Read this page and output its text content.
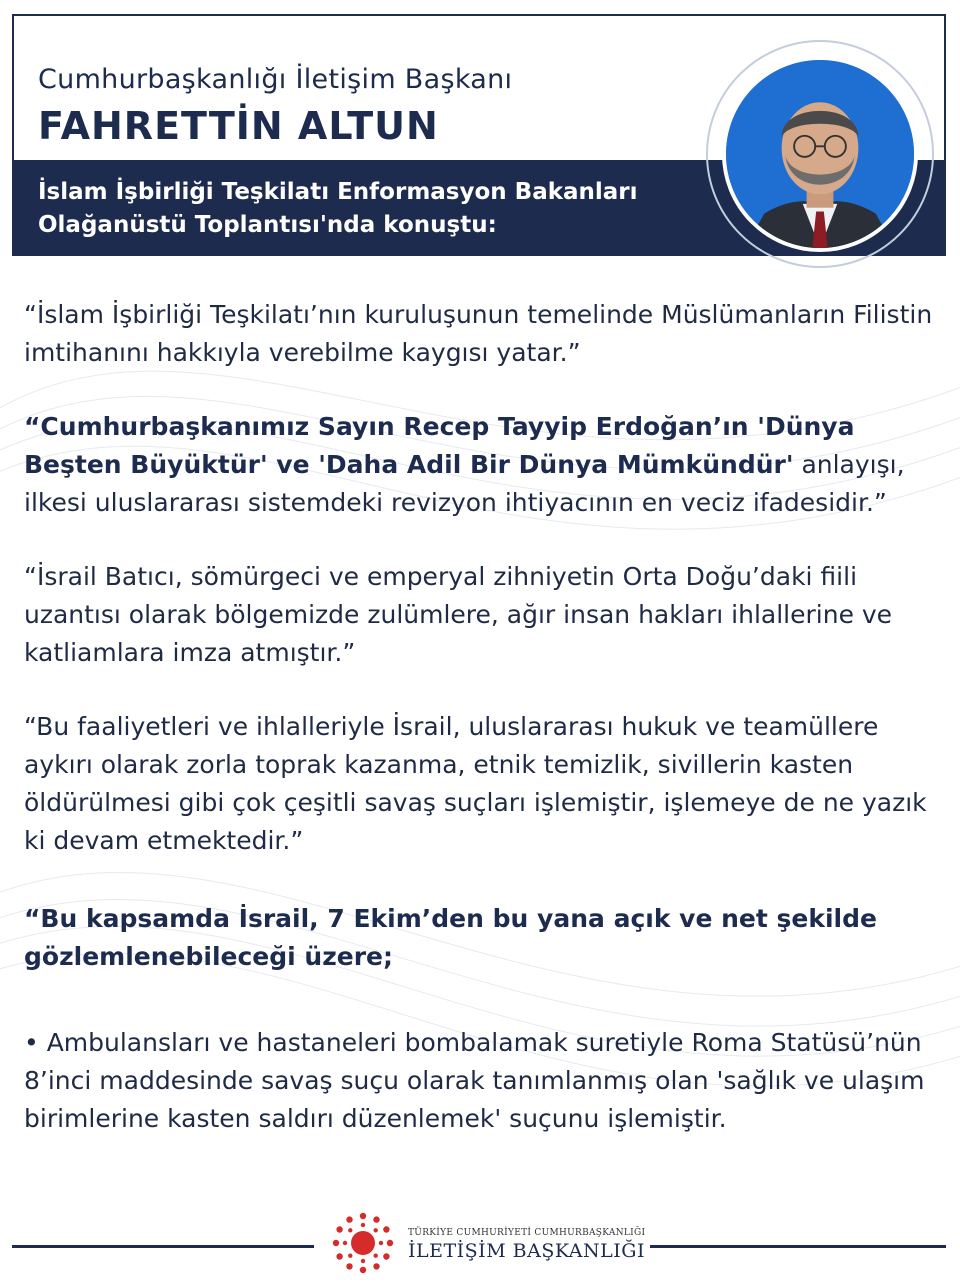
Cumhurbaşkanlığı İletişim Başkanı
FAHRETTİN ALTUN
İslam İşbirliği Teşkilatı Enformasyon Bakanları
Olağanüstü Toplantısı'nda konuştu:

“İslam İşbirliği Teşkilatı’nın kuruluşunun temelinde Müslümanların Filistin imtihanını hakkıyla verebilme kaygısı yatar.”

“Cumhurbaşkanımız Sayın Recep Tayyip Erdoğan’ın 'Dünya Beşten Büyüktür' ve 'Daha Adil Bir Dünya Mümkündür' anlayışı, ilkesi uluslararası sistemdeki revizyon ihtiyacının en veciz ifadesidir.”

“İsrail Batıcı, sömürgeci ve emperyal zihniyetin Orta Doğu’daki fiili uzantısı olarak bölgemizde zulümlere, ağır insan hakları ihlallerine ve katliamlara imza atmıştır.”

“Bu faaliyetleri ve ihlalleriyle İsrail, uluslararası hukuk ve teamüllere aykırı olarak zorla toprak kazanma, etnik temizlik, sivillerin kasten öldürülmesi gibi çok çeşitli savaş suçları işlemiştir, işlemeye de ne yazık ki devam etmektedir.”

“Bu kapsamda İsrail, 7 Ekim’den bu yana açık ve net şekilde gözlemlenebileceği üzere;

• Ambulansları ve hastaneleri bombalamak suretiyle Roma Statüsü’nün 8’inci maddesinde savaş suçu olarak tanımlanmış olan 'sağlık ve ulaşım birimlerine kasten saldırı düzenlemek' suçunu işlemiştir.

TÜRKİYE CUMHURİYETİ CUMHURBAŞKANLIĞI
İLETİŞİM BAŞKANLIĞI
